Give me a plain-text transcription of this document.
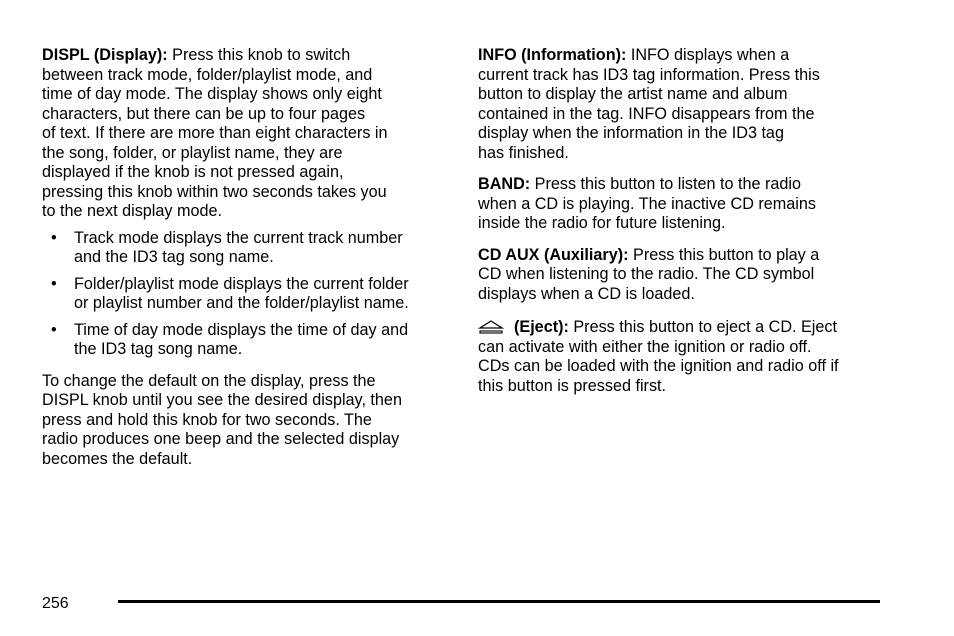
DISPL (Display): Press this knob to switch
between track mode, folder/playlist mode, and
time of day mode. The display shows only eight
characters, but there can be up to four pages
of text. If there are more than eight characters in
the song, folder, or playlist name, they are
displayed if the knob is not pressed again,
pressing this knob within two seconds takes you
to the next display mode.

• Track mode displays the current track number
and the ID3 tag song name.
• Folder/playlist mode displays the current folder
or playlist number and the folder/playlist name.
• Time of day mode displays the time of day and
the ID3 tag song name.

To change the default on the display, press the
DISPL knob until you see the desired display, then
press and hold this knob for two seconds. The
radio produces one beep and the selected display
becomes the default.

INFO (Information): INFO displays when a
current track has ID3 tag information. Press this
button to display the artist name and album
contained in the tag. INFO disappears from the
display when the information in the ID3 tag
has finished.

BAND: Press this button to listen to the radio
when a CD is playing. The inactive CD remains
inside the radio for future listening.

CD AUX (Auxiliary): Press this button to play a
CD when listening to the radio. The CD symbol
displays when a CD is loaded.

(Eject): Press this button to eject a CD. Eject
can activate with either the ignition or radio off.
CDs can be loaded with the ignition and radio off if
this button is pressed first.

256
